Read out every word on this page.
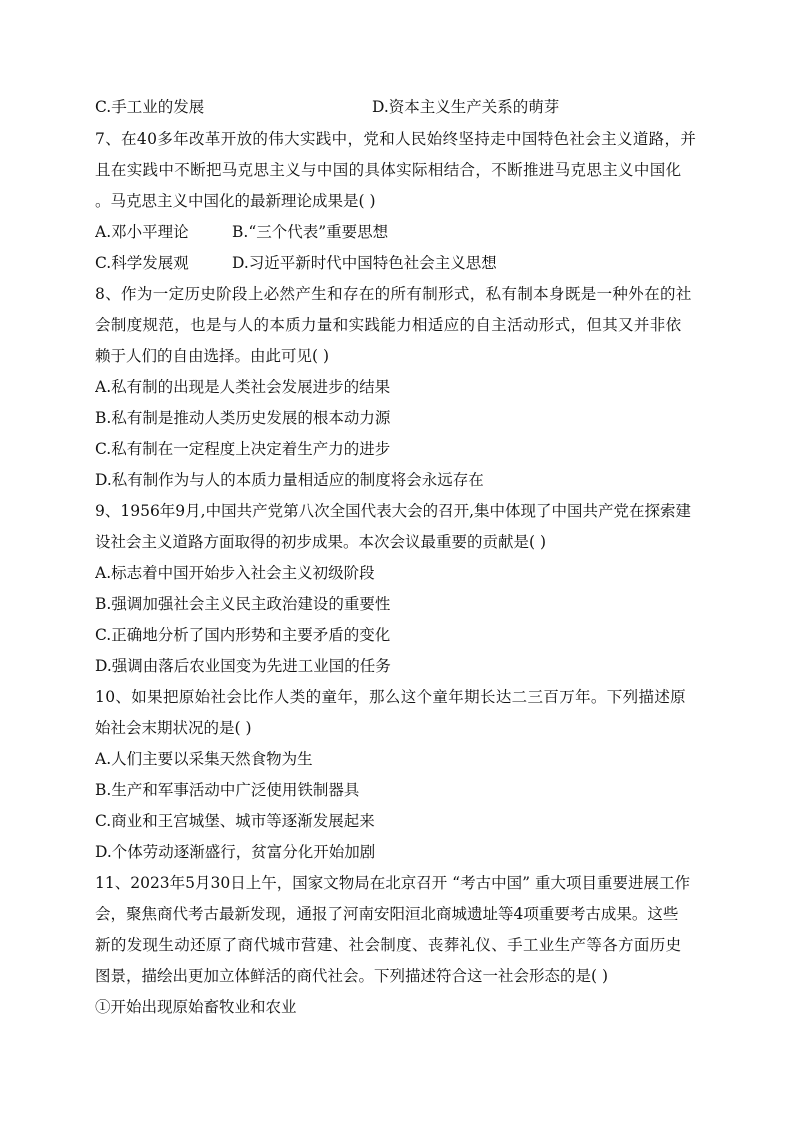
C.手工业的发展	D.资本主义生产关系的萌芽
7、在40多年改革开放的伟大实践中，党和人民始终坚持走中国特色社会主义道路，并
且在实践中不断把马克思主义与中国的具体实际相结合，不断推进马克思主义中国化
。马克思主义中国化的最新理论成果是( )
A.邓小平理论	B.“三个代表”重要思想
C.科学发展观	D.习近平新时代中国特色社会主义思想
8、作为一定历史阶段上必然产生和存在的所有制形式，私有制本身既是一种外在的社
会制度规范，也是与人的本质力量和实践能力相适应的自主活动形式，但其又并非依
赖于人们的自由选择。由此可见( )
A.私有制的出现是人类社会发展进步的结果
B.私有制是推动人类历史发展的根本动力源
C.私有制在一定程度上决定着生产力的进步
D.私有制作为与人的本质力量相适应的制度将会永远存在
9、1956年9月,中国共产党第八次全国代表大会的召开,集中体现了中国共产党在探索建
设社会主义道路方面取得的初步成果。本次会议最重要的贡献是( )
A.标志着中国开始步入社会主义初级阶段
B.强调加强社会主义民主政治建设的重要性
C.正确地分析了国内形势和主要矛盾的变化
D.强调由落后农业国变为先进工业国的任务
10、如果把原始社会比作人类的童年，那么这个童年期长达二三百万年。下列描述原
始社会末期状况的是( )
A.人们主要以采集天然食物为生
B.生产和军事活动中广泛使用铁制器具
C.商业和王宫城堡、城市等逐渐发展起来
D.个体劳动逐渐盛行，贫富分化开始加剧
11、2023年5月30日上午，国家文物局在北京召开 “考古中国” 重大项目重要进展工作
会，聚焦商代考古最新发现，通报了河南安阳洹北商城遗址等4项重要考古成果。这些
新的发现生动还原了商代城市营建、社会制度、丧葬礼仪、手工业生产等各方面历史
图景，描绘出更加立体鲜活的商代社会。下列描述符合这一社会形态的是( )
①开始出现原始畜牧业和农业
